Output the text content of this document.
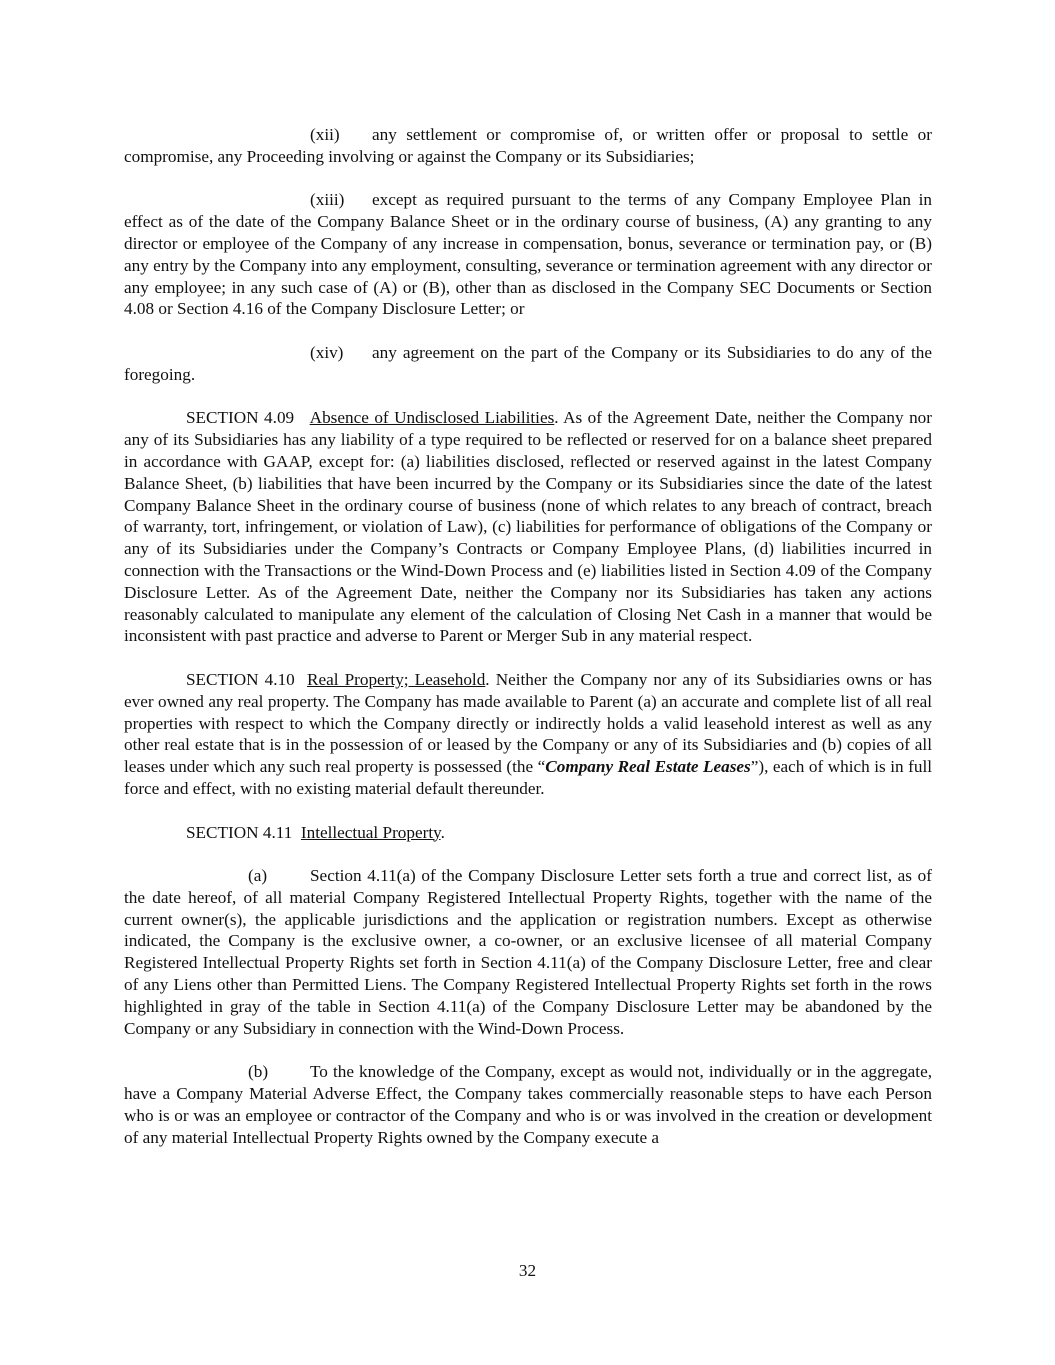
(xii) any settlement or compromise of, or written offer or proposal to settle or compromise, any Proceeding involving or against the Company or its Subsidiaries;

(xiii) except as required pursuant to the terms of any Company Employee Plan in effect as of the date of the Company Balance Sheet or in the ordinary course of business, (A) any granting to any director or employee of the Company of any increase in compensation, bonus, severance or termination pay, or (B) any entry by the Company into any employment, consulting, severance or termination agreement with any director or any employee; in any such case of (A) or (B), other than as disclosed in the Company SEC Documents or Section 4.08 or Section 4.16 of the Company Disclosure Letter; or

(xiv) any agreement on the part of the Company or its Subsidiaries to do any of the foregoing.

SECTION 4.09 Absence of Undisclosed Liabilities. As of the Agreement Date, neither the Company nor any of its Subsidiaries has any liability of a type required to be reflected or reserved for on a balance sheet prepared in accordance with GAAP, except for: (a) liabilities disclosed, reflected or reserved against in the latest Company Balance Sheet, (b) liabilities that have been incurred by the Company or its Subsidiaries since the date of the latest Company Balance Sheet in the ordinary course of business (none of which relates to any breach of contract, breach of warranty, tort, infringement, or violation of Law), (c) liabilities for performance of obligations of the Company or any of its Subsidiaries under the Company’s Contracts or Company Employee Plans, (d) liabilities incurred in connection with the Transactions or the Wind-Down Process and (e) liabilities listed in Section 4.09 of the Company Disclosure Letter. As of the Agreement Date, neither the Company nor its Subsidiaries has taken any actions reasonably calculated to manipulate any element of the calculation of Closing Net Cash in a manner that would be inconsistent with past practice and adverse to Parent or Merger Sub in any material respect.

SECTION 4.10 Real Property; Leasehold. Neither the Company nor any of its Subsidiaries owns or has ever owned any real property. The Company has made available to Parent (a) an accurate and complete list of all real properties with respect to which the Company directly or indirectly holds a valid leasehold interest as well as any other real estate that is in the possession of or leased by the Company or any of its Subsidiaries and (b) copies of all leases under which any such real property is possessed (the “Company Real Estate Leases”), each of which is in full force and effect, with no existing material default thereunder.

SECTION 4.11 Intellectual Property.

(a) Section 4.11(a) of the Company Disclosure Letter sets forth a true and correct list, as of the date hereof, of all material Company Registered Intellectual Property Rights, together with the name of the current owner(s), the applicable jurisdictions and the application or registration numbers. Except as otherwise indicated, the Company is the exclusive owner, a co-owner, or an exclusive licensee of all material Company Registered Intellectual Property Rights set forth in Section 4.11(a) of the Company Disclosure Letter, free and clear of any Liens other than Permitted Liens. The Company Registered Intellectual Property Rights set forth in the rows highlighted in gray of the table in Section 4.11(a) of the Company Disclosure Letter may be abandoned by the Company or any Subsidiary in connection with the Wind-Down Process.

(b) To the knowledge of the Company, except as would not, individually or in the aggregate, have a Company Material Adverse Effect, the Company takes commercially reasonable steps to have each Person who is or was an employee or contractor of the Company and who is or was involved in the creation or development of any material Intellectual Property Rights owned by the Company execute a

32
